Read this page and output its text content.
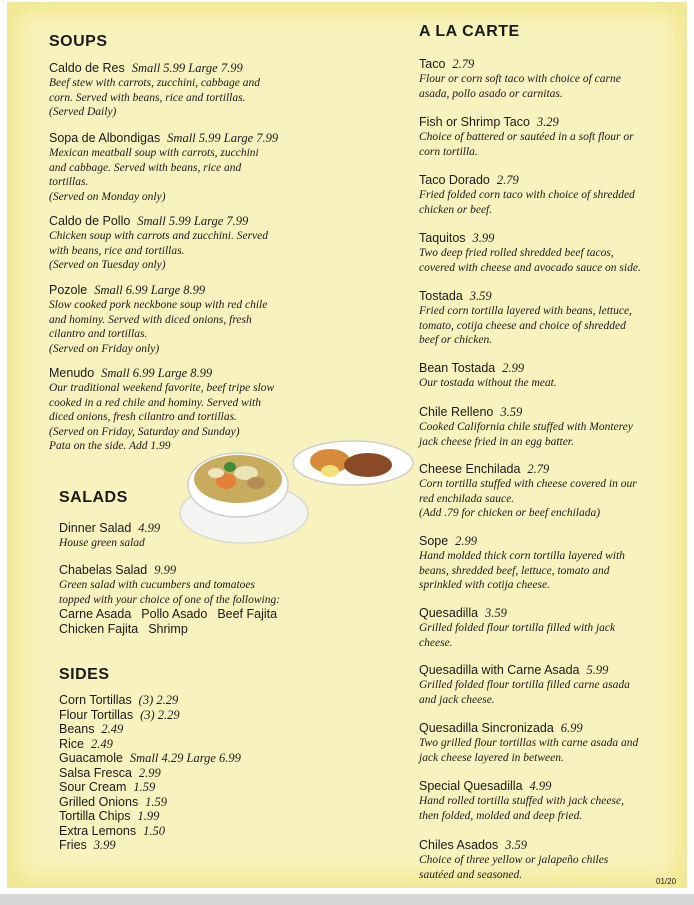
SOUPS
Caldo de Res Small 5.99 Large 7.99
Beef stew with carrots, zucchini, cabbage and
corn. Served with beans, rice and tortillas.
(Served Daily)
Sopa de Albondigas Small 5.99 Large 7.99
Mexican meatball soup with carrots, zucchini
and cabbage. Served with beans, rice and
tortillas.
(Served on Monday only)
Caldo de Pollo Small 5.99 Large 7.99
Chicken soup with carrots and zucchini. Served
with beans, rice and tortillas.
(Served on Tuesday only)
Pozole Small 6.99 Large 8.99
Slow cooked pork neckbone soup with red chile
and hominy. Served with diced onions, fresh
cilantro and tortillas.
(Served on Friday only)
Menudo Small 6.99 Large 8.99
Our traditional weekend favorite, beef tripe slow
cooked in a red chile and hominy. Served with
diced onions, fresh cilantro and tortillas.
(Served on Friday, Saturday and Sunday)
Pata on the side. Add 1.99
SALADS
Dinner Salad 4.99
House green salad
Chabelas Salad 9.99
Green salad with cucumbers and tomatoes
topped with your choice of one of the following:
Carne Asada Pollo Asado Beef Fajita
Chicken Fajita Shrimp
SIDES
Corn Tortillas (3) 2.29
Flour Tortillas (3) 2.29
Beans 2.49
Rice 2.49
Guacamole Small 4.29 Large 6.99
Salsa Fresca 2.99
Sour Cream 1.59
Grilled Onions 1.59
Tortilla Chips 1.99
Extra Lemons 1.50
Fries 3.99
A LA CARTE
Taco 2.79
Flour or corn soft taco with choice of carne
asada, pollo asado or carnitas.
Fish or Shrimp Taco 3.29
Choice of battered or sautéed in a soft flour or
corn tortilla.
Taco Dorado 2.79
Fried folded corn taco with choice of shredded
chicken or beef.
Taquitos 3.99
Two deep fried rolled shredded beef tacos,
covered with cheese and avocado sauce on side.
Tostada 3.59
Fried corn tortilla layered with beans, lettuce,
tomato, cotija cheese and choice of shredded
beef or chicken.
Bean Tostada 2.99
Our tostada without the meat.
Chile Relleno 3.59
Cooked California chile stuffed with Monterey
jack cheese fried in an egg batter.
Cheese Enchilada 2.79
Corn tortilla stuffed with cheese covered in our
red enchilada sauce.
(Add .79 for chicken or beef enchilada)
Sope 2.99
Hand molded thick corn tortilla layered with
beans, shredded beef, lettuce, tomato and
sprinkled with cotija cheese.
Quesadilla 3.59
Grilled folded flour tortilla filled with jack
cheese.
Quesadilla with Carne Asada 5.99
Grilled folded flour tortilla filled carne asada
and jack cheese.
Quesadilla Sincronizada 6.99
Two grilled flour tortillas with carne asada and
jack cheese layered in between.
Special Quesadilla 4.99
Hand rolled tortilla stuffed with jack cheese,
then folded, molded and deep fried.
Chiles Asados 3.59
Choice of three yellow or jalapeño chiles
sautéed and seasoned.
01/20
